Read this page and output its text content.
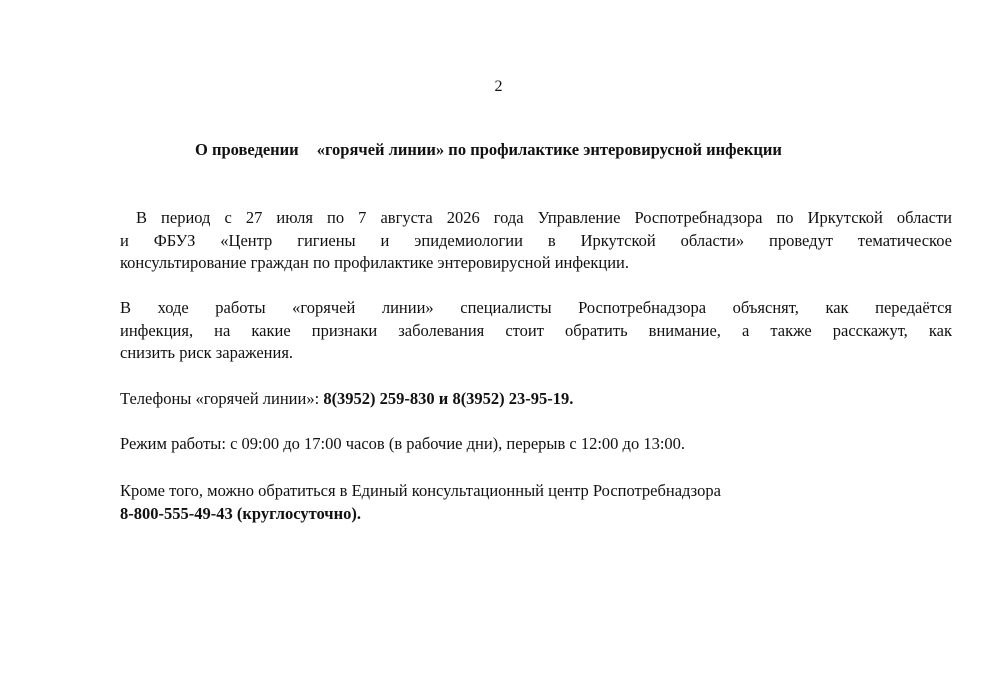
2
О проведении «горячей линии» по профилактике энтеровирусной инфекции
В период с 27 июля по 7 августа 2026 года Управление Роспотребнадзора по Иркутской области
и ФБУЗ «Центр гигиены и эпидемиологии в Иркутской области» проведут тематическое
консультирование граждан по профилактике энтеровирусной инфекции.
В ходе работы «горячей линии» специалисты Роспотребнадзора объяснят, как передаётся
инфекция, на какие признаки заболевания стоит обратить внимание, а также расскажут, как
снизить риск заражения.
Телефоны «горячей линии»: 8(3952) 259-830 и 8(3952) 23-95-19.
Режим работы: с 09:00 до 17:00 часов (в рабочие дни), перерыв с 12:00 до 13:00.
Кроме того, можно обратиться в Единый консультационный центр Роспотребнадзора
8-800-555-49-43 (круглосуточно).
